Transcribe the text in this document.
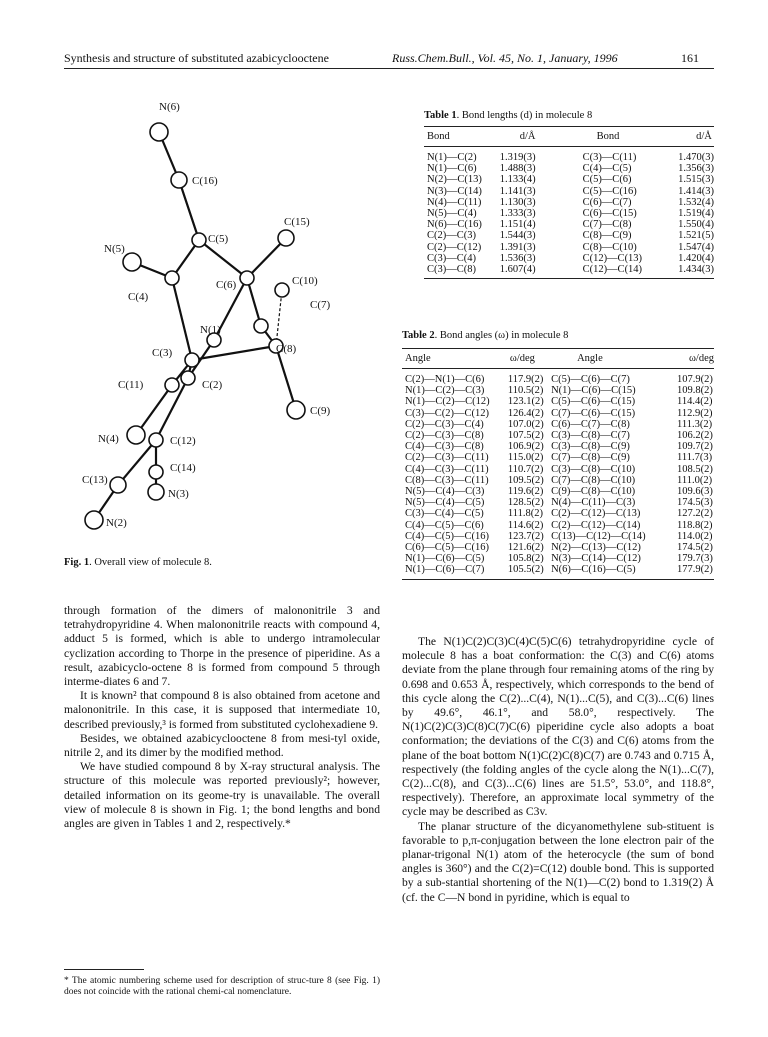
Synthesis and structure of substituted azabicyclooctene	Russ.Chem.Bull., Vol. 45, No. 1, January, 1996	161
N(6)
C(16)
C(15)
N(5)
C(5)
C(6)	C(10)
C(4)
C(7)
N(1)
C(3)	C(8)
C(11)	C(2)
N(4)
C(9)
C(12)
C(14)
C(13)
N(3)
N(2)
Fig. 1. Overall view of molecule 8.
Table 1. Bond lengths (d) in molecule 8
Bond	d/Å	Bond	d/Å
N(1)—C(2)	1.319(3)	C(3)—C(11)	1.470(3)
N(1)—C(6)	1.488(3)	C(4)—C(5)	1.356(3)
N(2)—C(13)	1.133(4)	C(5)—C(6)	1.515(3)
N(3)—C(14)	1.141(3)	C(5)—C(16)	1.414(3)
N(4)—C(11)	1.130(3)	C(6)—C(7)	1.532(4)
N(5)—C(4)	1.333(3)	C(6)—C(15)	1.519(4)
N(6)—C(16)	1.151(4)	C(7)—C(8)	1.550(4)
C(2)—C(3)	1.544(3)	C(8)—C(9)	1.521(5)
C(2)—C(12)	1.391(3)	C(8)—C(10)	1.547(4)
C(3)—C(4)	1.536(3)	C(12)—C(13)	1.420(4)
C(3)—C(8)	1.607(4)	C(12)—C(14)	1.434(3)
Table 2. Bond angles (ω) in molecule 8
Angle	ω/deg	Angle	ω/deg
C(2)—N(1)—C(6)	117.9(2)	C(5)—C(6)—C(7)	107.9(2)
N(1)—C(2)—C(3)	110.5(2)	N(1)—C(6)—C(15)	109.8(2)
N(1)—C(2)—C(12)	123.1(2)	C(5)—C(6)—C(15)	114.4(2)
C(3)—C(2)—C(12)	126.4(2)	C(7)—C(6)—C(15)	112.9(2)
C(2)—C(3)—C(4)	107.0(2)	C(6)—C(7)—C(8)	111.3(2)
C(2)—C(3)—C(8)	107.5(2)	C(3)—C(8)—C(7)	106.2(2)
C(4)—C(3)—C(8)	106.9(2)	C(3)—C(8)—C(9)	109.7(2)
C(2)—C(3)—C(11)	115.0(2)	C(7)—C(8)—C(9)	111.7(3)
C(4)—C(3)—C(11)	110.7(2)	C(3)—C(8)—C(10)	108.5(2)
C(8)—C(3)—C(11)	109.5(2)	C(7)—C(8)—C(10)	111.0(2)
N(5)—C(4)—C(3)	119.6(2)	C(9)—C(8)—C(10)	109.6(3)
N(5)—C(4)—C(5)	128.5(2)	N(4)—C(11)—C(3)	174.5(3)
C(3)—C(4)—C(5)	111.8(2)	C(2)—C(12)—C(13)	127.2(2)
C(4)—C(5)—C(6)	114.6(2)	C(2)—C(12)—C(14)	118.8(2)
C(4)—C(5)—C(16)	123.7(2)	C(13)—C(12)—C(14)	114.0(2)
C(6)—C(5)—C(16)	121.6(2)	N(2)—C(13)—C(12)	174.5(2)
N(1)—C(6)—C(5)	105.8(2)	N(3)—C(14)—C(12)	179.7(3)
N(1)—C(6)—C(7)	105.5(2)	N(6)—C(16)—C(5)	177.9(2)

through formation of the dimers of malononitrile 3 and tetrahydropyridine 4. When malononitrile reacts with compound 4, adduct 5 is formed, which is able to undergo intramolecular cyclization according to Thorpe in the presence of piperidine. As a result, azabicyclo-octene 8 is formed from compound 5 through interme-diates 6 and 7.

It is known² that compound 8 is also obtained from acetone and malononitrile. In this case, it is supposed that intermediate 10, described previously,³ is formed from substituted cyclohexadiene 9.

Besides, we obtained azabicyclooctene 8 from mesi-tyl oxide, nitrile 2, and its dimer by the modified method.

We have studied compound 8 by X-ray structural analysis. The structure of this molecule was reported previously²; however, detailed information on its geome-try is unavailable. The overall view of molecule 8 is shown in Fig. 1; the bond lengths and bond angles are given in Tables 1 and 2, respectively.*

* The atomic numbering scheme used for description of struc-ture 8 (see Fig. 1) does not coincide with the rational chemi-cal nomenclature.

The N(1)C(2)C(3)C(4)C(5)C(6) tetrahydropyridine cycle of molecule 8 has a boat conformation: the C(3) and C(6) atoms deviate from the plane through four remaining atoms of the ring by 0.698 and 0.653 Å, respectively, which corresponds to the bend of this cycle along the C(2)...C(4), N(1)...C(5), and C(3)...C(6) lines by 49.6°, 46.1°, and 58.0°, respectively. The N(1)C(2)C(3)C(8)C(7)C(6) piperidine cycle also adopts a boat conformation; the deviations of the C(3) and C(6) atoms from the plane of the boat bottom N(1)C(2)C(8)C(7) are 0.743 and 0.715 Å, respectively (the folding angles of the cycle along the N(1)...C(7), C(2)...C(8), and C(3)...C(6) lines are 51.5°, 53.0°, and 118.8°, respectively). Therefore, an approximate local symmetry of the cycle may be described as C3v.

The planar structure of the dicyanomethylene sub-stituent is favorable to p,π-conjugation between the lone electron pair of the planar-trigonal N(1) atom of the heterocycle (the sum of bond angles is 360°) and the C(2)=C(12) double bond. This is supported by a sub-stantial shortening of the N(1)—C(2) bond to 1.319(2) Å (cf. the C—N bond in pyridine, which is equal to
